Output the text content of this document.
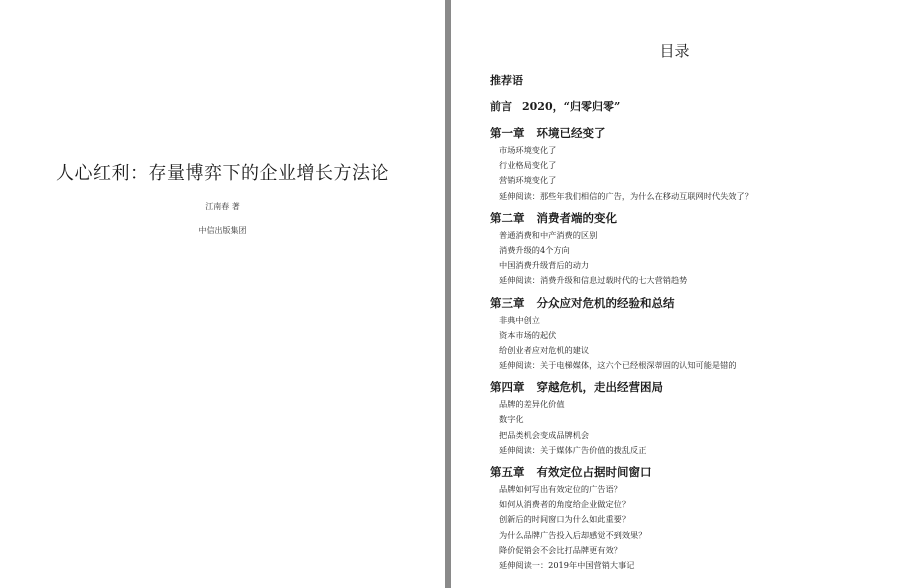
人心红利：存量博弈下的企业增长方法论
江南春 著
中信出版集团
目录
推荐语
前言 2020，“归零归零”
第一章 环境已经变了
市场环境变化了
行业格局变化了
营销环境变化了
延伸阅读：那些年我们相信的广告，为什么在移动互联网时代失效了？
第二章 消费者端的变化
普通消费和中产消费的区别
消费升级的4个方向
中国消费升级背后的动力
延伸阅读：消费升级和信息过载时代的七大营销趋势
第三章 分众应对危机的经验和总结
非典中创立
资本市场的起伏
给创业者应对危机的建议
延伸阅读：关于电梯媒体，这六个已经根深蒂固的认知可能是错的
第四章 穿越危机，走出经营困局
品牌的差异化价值
数字化
把品类机会变成品牌机会
延伸阅读：关于媒体广告价值的拨乱反正
第五章 有效定位占据时间窗口
品牌如何写出有效定位的广告语？
如何从消费者的角度给企业做定位？
创新后的时间窗口为什么如此重要？
为什么品牌广告投入后却感觉不到效果？
降价促销会不会比打品牌更有效？
延伸阅读一：2019年中国营销大事记
